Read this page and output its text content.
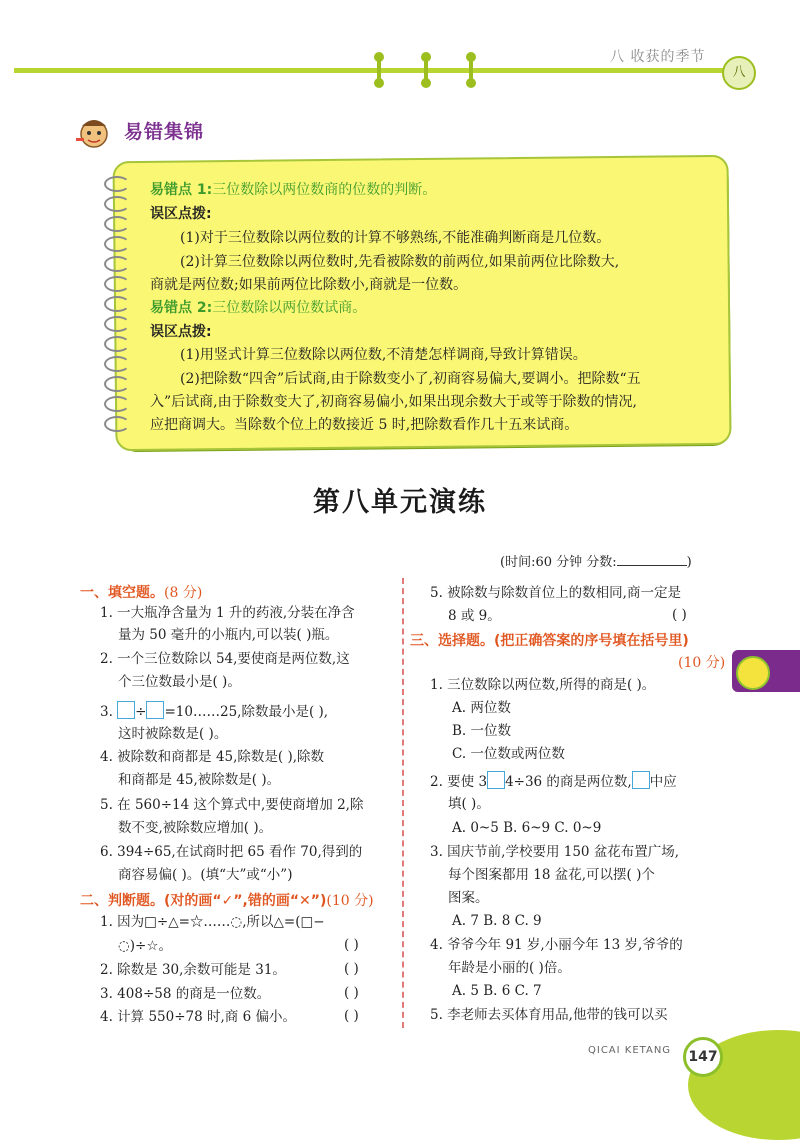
八 收获的季节
八
易错集锦
易错点 1:三位数除以两位数商的位数的判断。
误区点拨:
(1)对于三位数除以两位数的计算不够熟练,不能准确判断商是几位数。
(2)计算三位数除以两位数时,先看被除数的前两位,如果前两位比除数大,
商就是两位数;如果前两位比除数小,商就是一位数。
易错点 2:三位数除以两位数试商。
误区点拨:
(1)用竖式计算三位数除以两位数,不清楚怎样调商,导致计算错误。
(2)把除数“四舍”后试商,由于除数变小了,初商容易偏大,要调小。把除数“五
入”后试商,由于除数变大了,初商容易偏小,如果出现余数大于或等于除数的情况,
应把商调大。当除数个位上的数接近 5 时,把除数看作几十五来试商。
第八单元演练
(时间:60 分钟 分数:	)
一、填空题。(8 分)
1. 一大瓶净含量为 1 升的药液,分装在净含
量为 50 毫升的小瓶内,可以装( )瓶。
2. 一个三位数除以 54,要使商是两位数,这
个三位数最小是( )。
3. ÷ =10……25,除数最小是( ),
这时被除数是( )。
4. 被除数和商都是 45,除数是( ),除数
和商都是 45,被除数是( )。
5. 在 560÷14 这个算式中,要使商增加 2,除
数不变,被除数应增加( )。
6. 394÷65,在试商时把 65 看作 70,得到的
商容易偏( )。(填“大”或“小”)
二、判断题。(对的画“✓”,错的画“✕”)(10 分)
1. 因为□÷△=☆……◌,所以△=(□−
◌)÷☆。	( )
2. 除数是 30,余数可能是 31。	( )
3. 408÷58 的商是一位数。	( )
4. 计算 550÷78 时,商 6 偏小。	( )
5. 被除数与除数首位上的数相同,商一定是
8 或 9。	( )
三、选择题。(把正确答案的序号填在括号里)
(10 分)
1. 三位数除以两位数,所得的商是( )。
A. 两位数
B. 一位数
C. 一位数或两位数
2. 要使 3 4÷36 的商是两位数, 中应
填( )。
A. 0~5 B. 6~9 C. 0~9
3. 国庆节前,学校要用 150 盆花布置广场,
每个图案都用 18 盆花,可以摆( )个
图案。
A. 7 B. 8 C. 9
4. 爷爷今年 91 岁,小丽今年 13 岁,爷爷的
年龄是小丽的( )倍。
A. 5 B. 6 C. 7
5. 李老师去买体育用品,他带的钱可以买
QICAI KETANG	147
